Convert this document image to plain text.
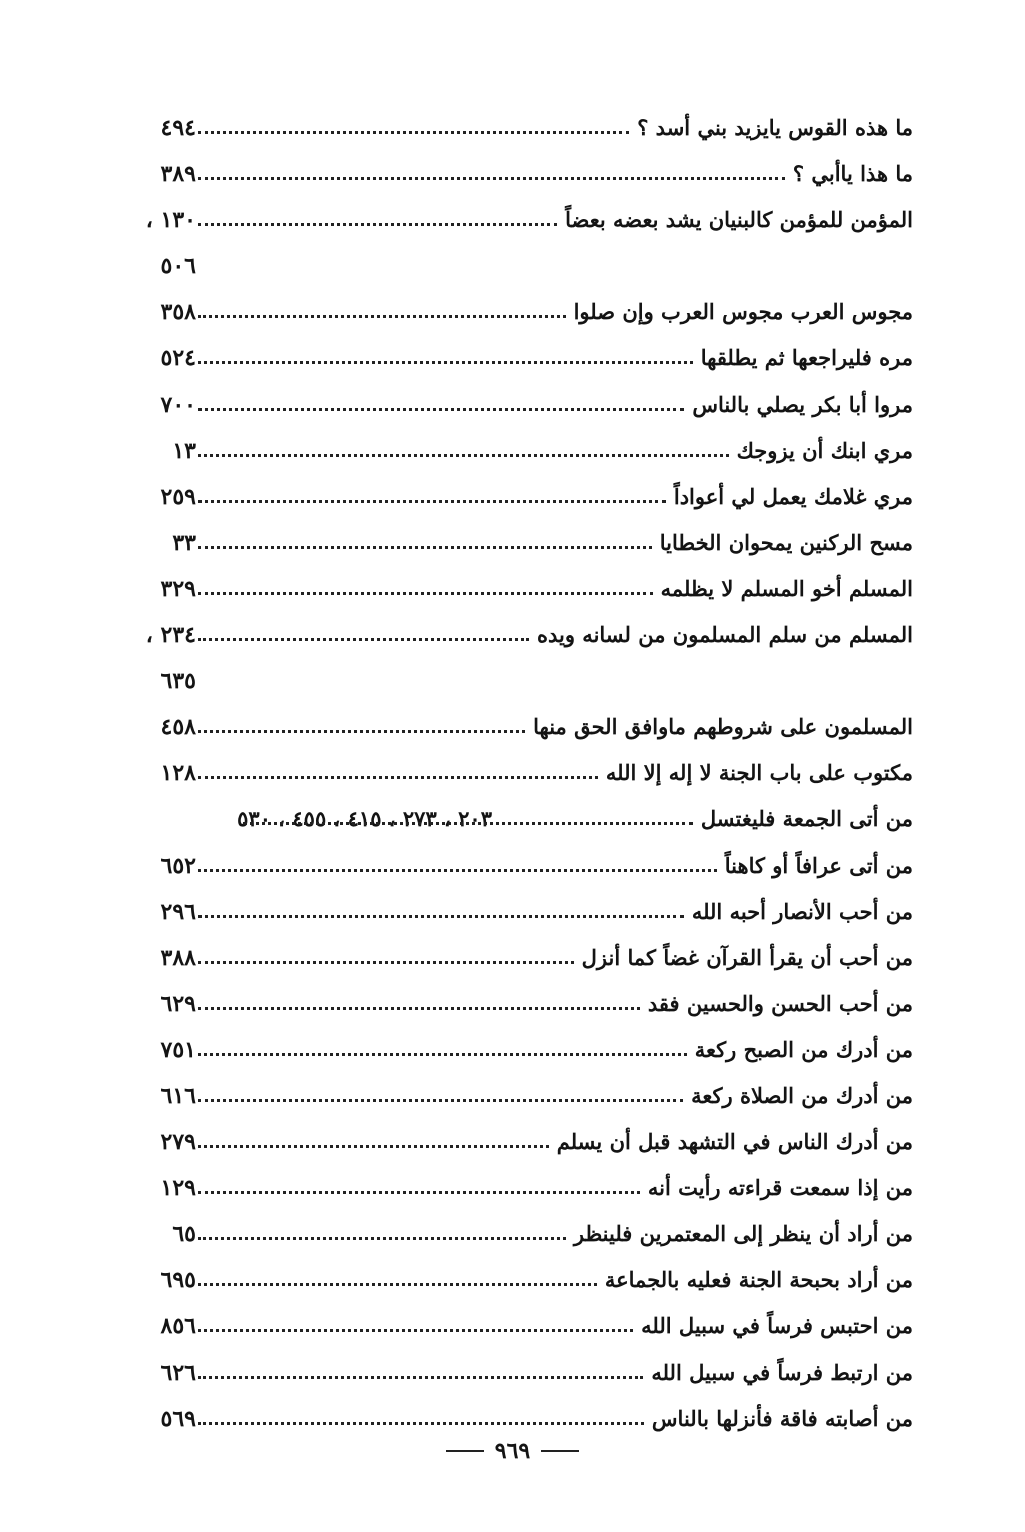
٤٩٤	ما هذه القوس يايزيد بني أسد ؟
٣٨٩	ما هذا ياأبي ؟
١٣٠ ،	المؤمن للمؤمن كالبنيان يشد بعضه بعضاً
٥٠٦
٣٥٨	مجوس العرب مجوس العرب وإن صلوا
٥٢٤	مره فليراجعها ثم يطلقها
٧٠٠	مروا أبا بكر يصلي بالناس
١٣	مري ابنك أن يزوجك
٢٥٩	مري غلامك يعمل لي أعواداً
٣٣	مسح الركنين يمحوان الخطايا
٣٢٩	المسلم أخو المسلم لا يظلمه
٢٣٤ ،	المسلم من سلم المسلمون من لسانه ويده
٦٣٥
٤٥٨	المسلمون على شروطهم ماوافق الحق منها
١٢٨	مكتوب على باب الجنة لا إله إلا الله
٢٠٣ ، ٢٧٣ ، ٤١٥ ، ٤٥٥ ، ٥٣٠	من أتى الجمعة فليغتسل
٦٥٢	من أتى عرافاً أو كاهناً
٢٩٦	من أحب الأنصار أحبه الله
٣٨٨	من أحب أن يقرأ القرآن غضاً كما أنزل
٦٢٩	من أحب الحسن والحسين فقد
٧٥١	من أدرك من الصبح ركعة
٦١٦	من أدرك من الصلاة ركعة
٢٧٩	من أدرك الناس في التشهد قبل أن يسلم
١٢٩	من إذا سمعت قراءته رأيت أنه
٦٥	من أراد أن ينظر إلى المعتمرين فلينظر
٦٩٥	من أراد بحبحة الجنة فعليه بالجماعة
٨٥٦	من احتبس فرساً في سبيل الله
٦٢٦	من ارتبط فرساً في سبيل الله
٥٦٩	من أصابته فاقة فأنزلها بالناس
٩٦٩
